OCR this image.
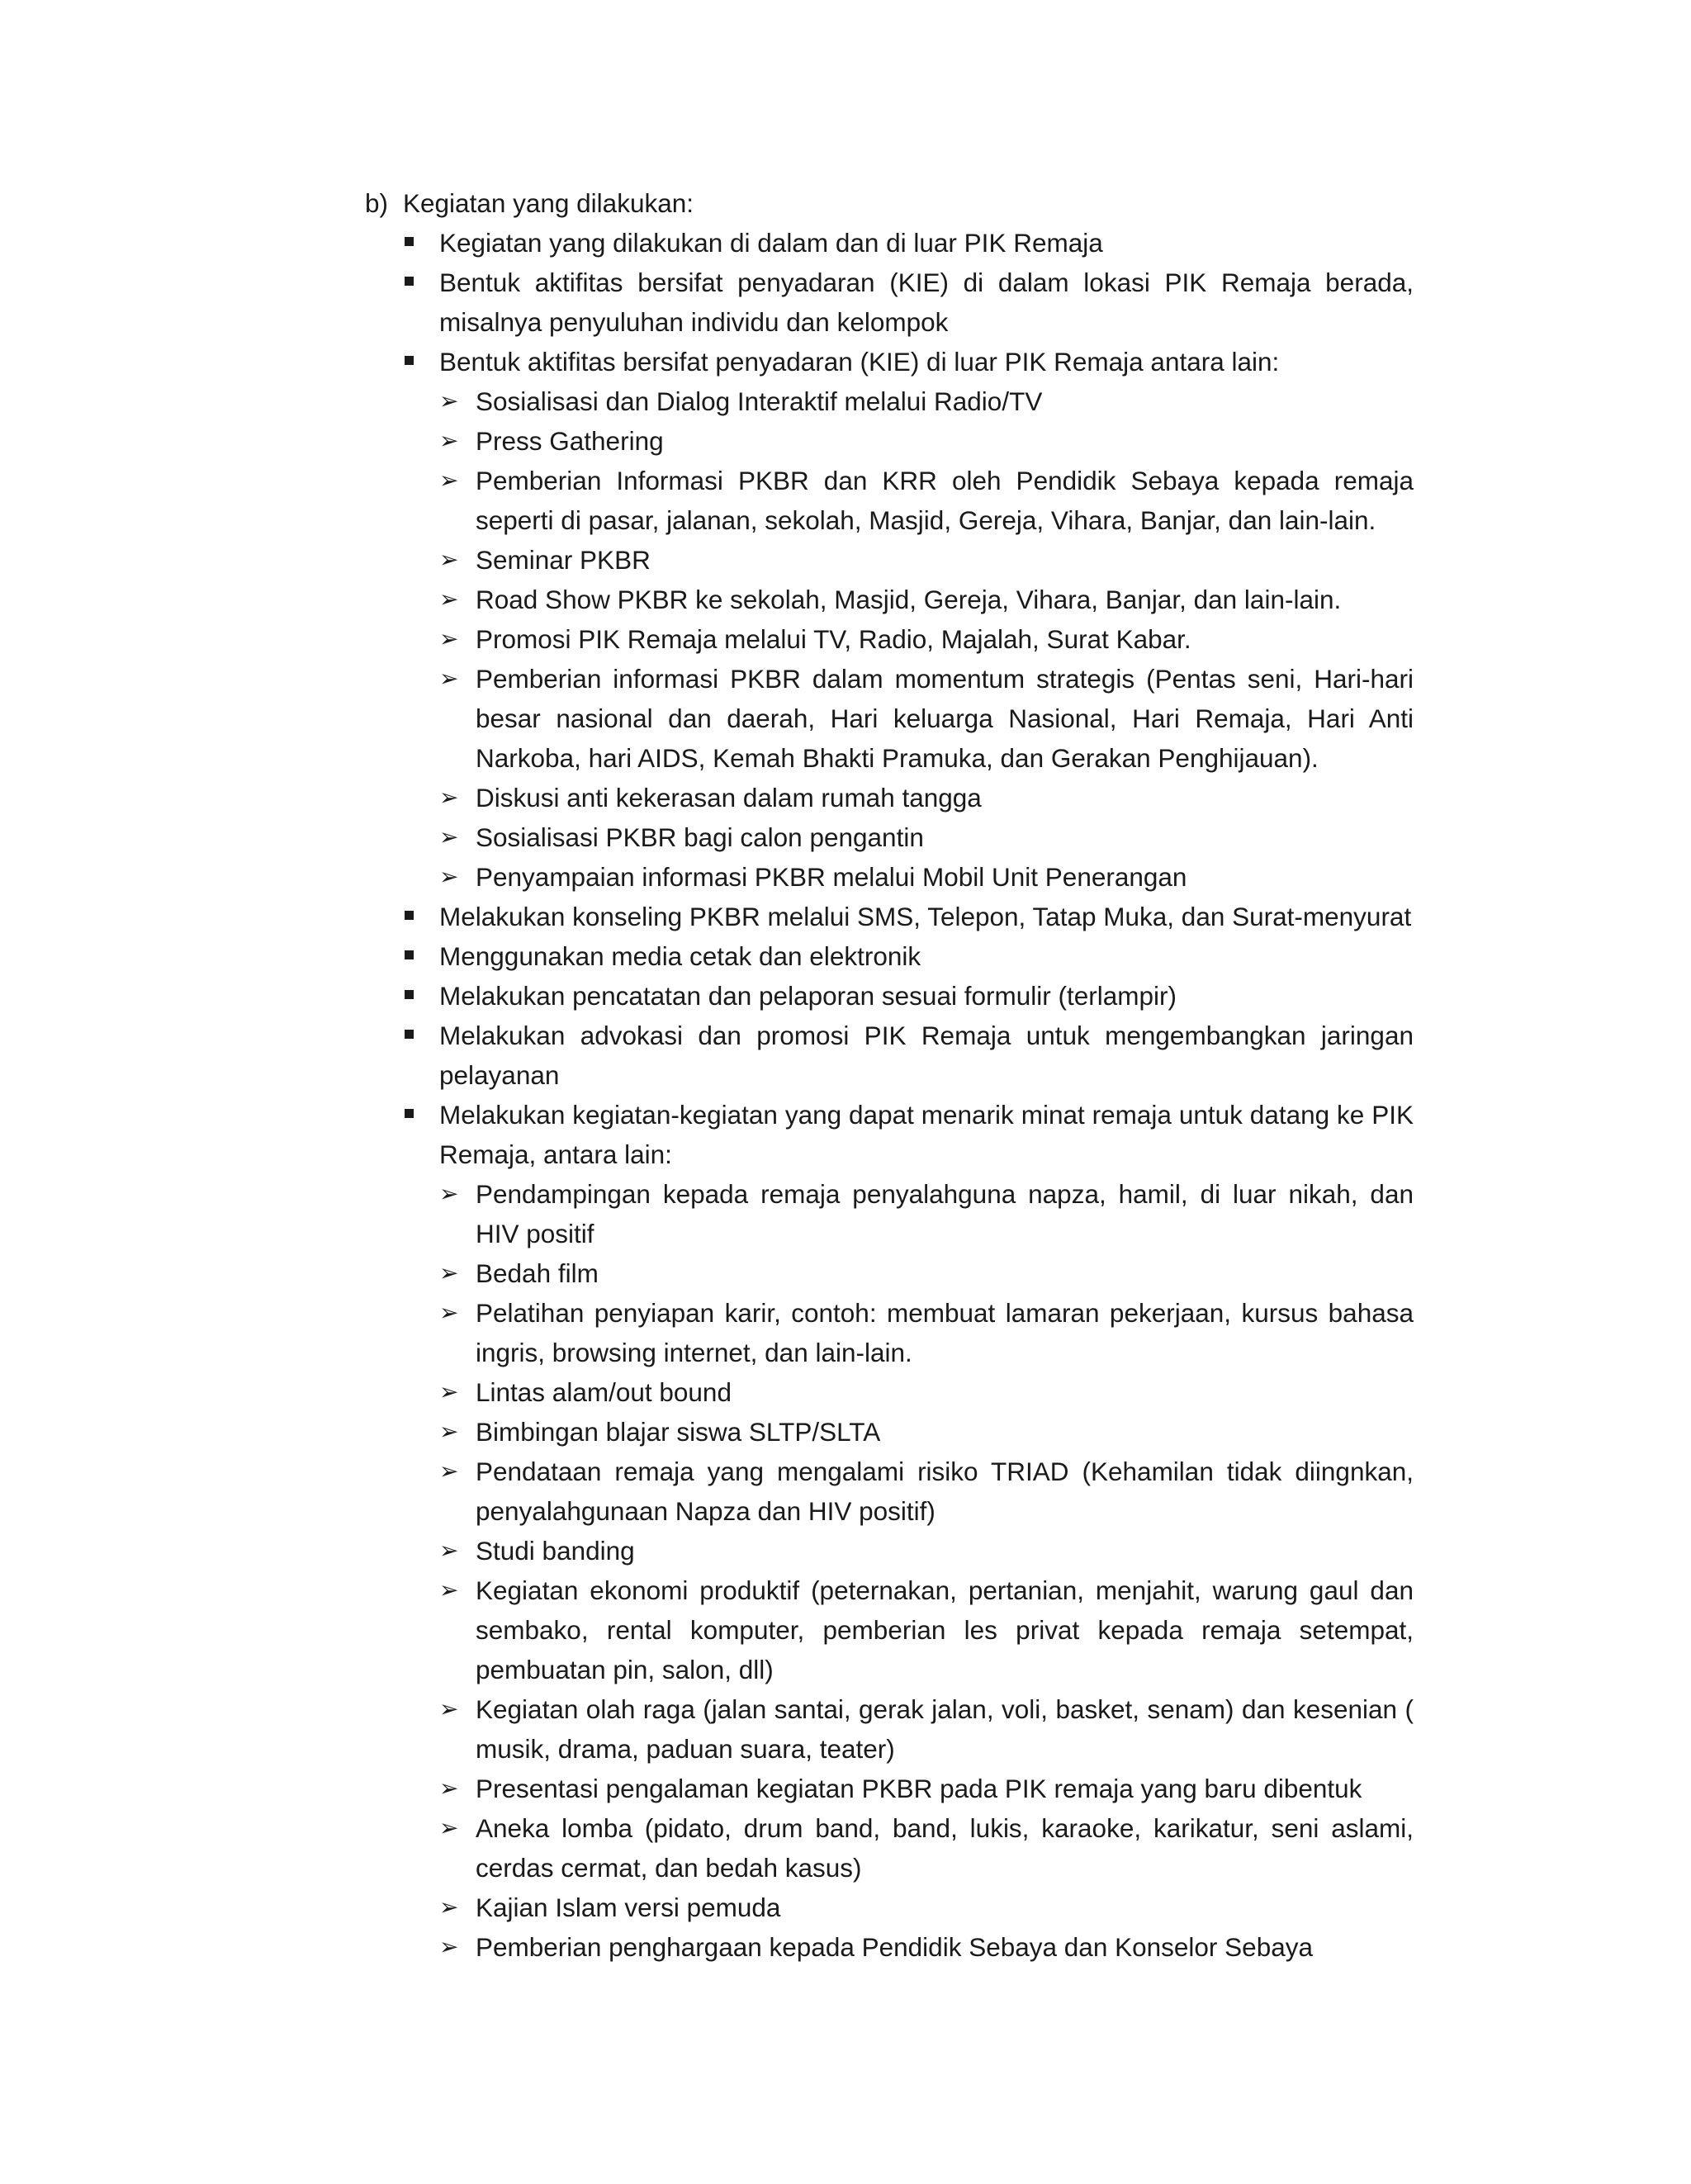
b) Kegiatan yang dilakukan:
Kegiatan yang dilakukan di dalam dan di luar PIK Remaja
Bentuk aktifitas bersifat penyadaran (KIE) di dalam lokasi PIK Remaja berada, misalnya penyuluhan individu dan kelompok
Bentuk aktifitas bersifat penyadaran (KIE) di luar PIK Remaja antara lain:
➢ Sosialisasi dan Dialog Interaktif melalui Radio/TV
➢ Press Gathering
➢ Pemberian Informasi PKBR dan KRR oleh Pendidik Sebaya kepada remaja seperti di pasar, jalanan, sekolah, Masjid, Gereja, Vihara, Banjar, dan lain-lain.
➢ Seminar PKBR
➢ Road Show PKBR ke sekolah, Masjid, Gereja, Vihara, Banjar, dan lain-lain.
➢ Promosi PIK Remaja melalui TV, Radio, Majalah, Surat Kabar.
➢ Pemberian informasi PKBR dalam momentum strategis (Pentas seni, Hari-hari besar nasional dan daerah, Hari keluarga Nasional, Hari Remaja, Hari Anti Narkoba, hari AIDS, Kemah Bhakti Pramuka, dan Gerakan Penghijauan).
➢ Diskusi anti kekerasan dalam rumah tangga
➢ Sosialisasi PKBR bagi calon pengantin
➢ Penyampaian informasi PKBR melalui Mobil Unit Penerangan
Melakukan konseling PKBR melalui SMS, Telepon, Tatap Muka, dan Surat-menyurat
Menggunakan media cetak dan elektronik
Melakukan pencatatan dan pelaporan sesuai formulir (terlampir)
Melakukan advokasi dan promosi PIK Remaja untuk mengembangkan jaringan pelayanan
Melakukan kegiatan-kegiatan yang dapat menarik minat remaja untuk datang ke PIK Remaja, antara lain:
➢ Pendampingan kepada remaja penyalahguna napza, hamil, di luar nikah, dan HIV positif
➢ Bedah film
➢ Pelatihan penyiapan karir, contoh: membuat lamaran pekerjaan, kursus bahasa ingris, browsing internet, dan lain-lain.
➢ Lintas alam/out bound
➢ Bimbingan blajar siswa SLTP/SLTA
➢ Pendataan remaja yang mengalami risiko TRIAD (Kehamilan tidak diingnkan, penyalahgunaan Napza dan HIV positif)
➢ Studi banding
➢ Kegiatan ekonomi produktif (peternakan, pertanian, menjahit, warung gaul dan sembako, rental komputer, pemberian les privat kepada remaja setempat, pembuatan pin, salon, dll)
➢ Kegiatan olah raga (jalan santai, gerak jalan, voli, basket, senam) dan kesenian ( musik, drama, paduan suara, teater)
➢ Presentasi pengalaman kegiatan PKBR pada PIK remaja yang baru dibentuk
➢ Aneka lomba (pidato, drum band, band, lukis, karaoke, karikatur, seni aslami, cerdas cermat, dan bedah kasus)
➢ Kajian Islam versi pemuda
➢ Pemberian penghargaan kepada Pendidik Sebaya dan Konselor Sebaya
